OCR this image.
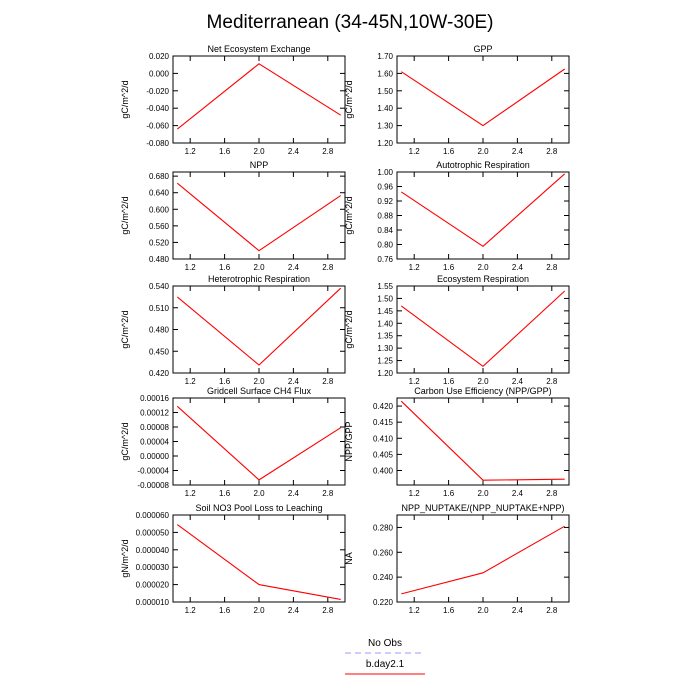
Mediterranean (34-45N,10W-30E)
Net Ecosystem Exchange
-0.080
-0.060
-0.040
-0.020
0.000
0.020
1.2	1.6	2.0	2.4	2.8
gC/m^2/d
GPP
1.20
1.30
1.40
1.50
1.60
1.70
1.2	1.6	2.0	2.4	2.8
gC/m^2/d
NPP
0.480
0.520
0.560
0.600
0.640
0.680
1.2	1.6	2.0	2.4	2.8
gC/m^2/d
Autotrophic Respiration
0.76
0.80
0.84
0.88
0.92
0.96
1.00
1.2	1.6	2.0	2.4	2.8
gC/m^2/d
Heterotrophic Respiration
0.420
0.450
0.480
0.510
0.540
1.2	1.6	2.0	2.4	2.8
gC/m^2/d
Ecosystem Respiration
1.20
1.25
1.30
1.35
1.40
1.45
1.50
1.55
1.2	1.6	2.0	2.4	2.8
gC/m^2/d
Gridcell Surface CH4 Flux
-0.00008
-0.00004
0.00000
0.00004
0.00008
0.00012
0.00016
1.2	1.6	2.0	2.4	2.8
gC/m^2/d
Carbon Use Efficiency (NPP/GPP)
0.400
0.405
0.410
0.415
0.420
1.2	1.6	2.0	2.4	2.8
NPP/GPP
Soil NO3 Pool Loss to Leaching
0.000010
0.000020
0.000030
0.000040
0.000050
0.000060
1.2	1.6	2.0	2.4	2.8
gN/m^2/d
NPP_NUPTAKE/(NPP_NUPTAKE+NPP)
0.220
0.240
0.260
0.280
1.2	1.6	2.0	2.4	2.8
NA
No Obs
b.day2.1
